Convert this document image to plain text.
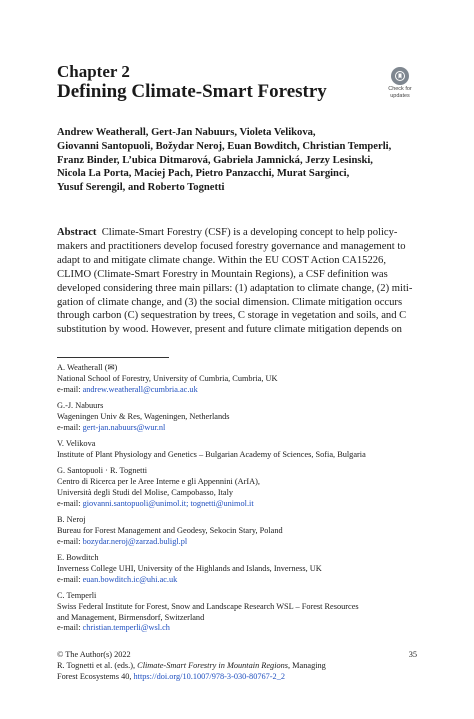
Chapter 2
Defining Climate-Smart Forestry	Check for
updates
Andrew Weatherall, Gert-Jan Nabuurs, Violeta Velikova,
Giovanni Santopuoli, Božydar Neroj, Euan Bowditch, Christian Temperli,
Franz Binder, L’ubica Ditmarová, Gabriela Jamnická, Jerzy Lesinski,
Nicola La Porta, Maciej Pach, Pietro Panzacchi, Murat Sarginci,
Yusuf Serengil, and Roberto Tognetti
Abstract Climate-Smart Forestry (CSF) is a developing concept to help policy-
makers and practitioners develop focused forestry governance and management to
adapt to and mitigate climate change. Within the EU COST Action CA15226,
CLIMO (Climate-Smart Forestry in Mountain Regions), a CSF definition was
developed considering three main pillars: (1) adaptation to climate change, (2) miti-
gation of climate change, and (3) the social dimension. Climate mitigation occurs
through carbon (C) sequestration by trees, C storage in vegetation and soils, and C
substitution by wood. However, present and future climate mitigation depends on
A. Weatherall (✉)
National School of Forestry, University of Cumbria, Cumbria, UK
e-mail: andrew.weatherall@cumbria.ac.uk
G.-J. Nabuurs
Wageningen Univ & Res, Wageningen, Netherlands
e-mail: gert-jan.nabuurs@wur.nl
V. Velikova
Institute of Plant Physiology and Genetics – Bulgarian Academy of Sciences, Sofia, Bulgaria
G. Santopuoli · R. Tognetti
Centro di Ricerca per le Aree Interne e gli Appennini (ArIA),
Università degli Studi del Molise, Campobasso, Italy
e-mail: giovanni.santopuoli@unimol.it; tognetti@unimol.it
B. Neroj
Bureau for Forest Management and Geodesy, Sekocin Stary, Poland
e-mail: bozydar.neroj@zarzad.buligl.pl
E. Bowditch
Inverness College UHI, University of the Highlands and Islands, Inverness, UK
e-mail: euan.bowditch.ic@uhi.ac.uk
C. Temperli
Swiss Federal Institute for Forest, Snow and Landscape Research WSL – Forest Resources
and Management, Birmensdorf, Switzerland
e-mail: christian.temperli@wsl.ch
© The Author(s) 2022	35
R. Tognetti et al. (eds.), Climate-Smart Forestry in Mountain Regions, Managing
Forest Ecosystems 40, https://doi.org/10.1007/978-3-030-80767-2_2
